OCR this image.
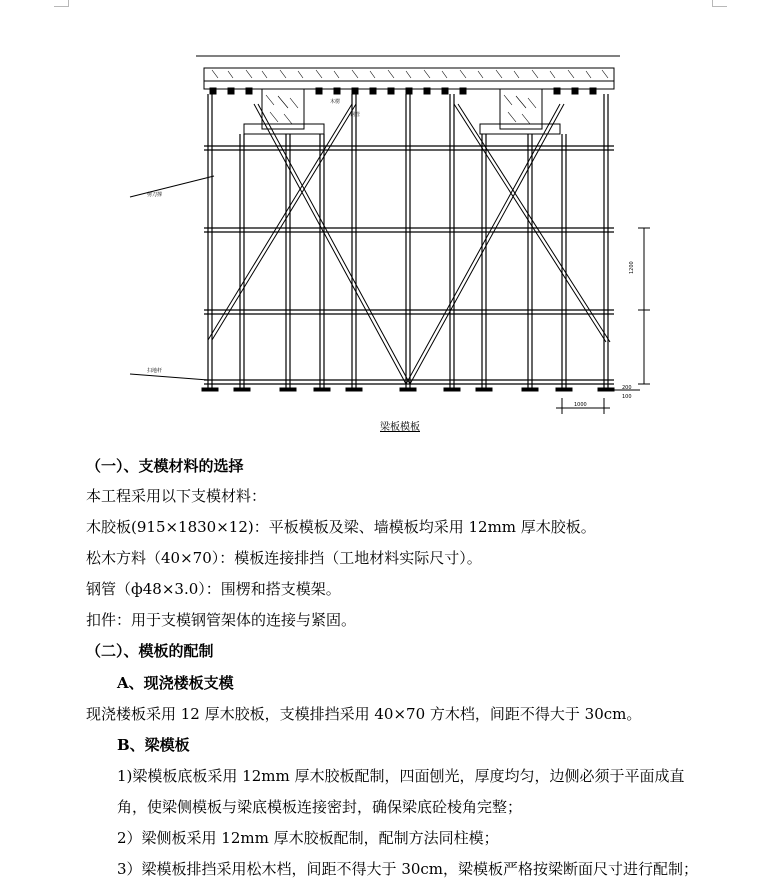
剪刀撑
扫地杆
木楞
钢管
1200
1000
200
100
梁板模板
（一）、支模材料的选择
本工程采用以下支模材料：
木胶板(915×1830×12)：平板模板及梁、墙模板均采用 12mm 厚木胶板。
松木方料（40×70）：模板连接排挡（工地材料实际尺寸）。
钢管（ф48×3.0）：围楞和搭支模架。
扣件：用于支模钢管架体的连接与紧固。
（二）、模板的配制
A、现浇楼板支模
现浇楼板采用 12 厚木胶板，支模排挡采用 40×70 方木档，间距不得大于 30cm。
B、梁模板
1)梁模板底板采用 12mm 厚木胶板配制，四面刨光，厚度均匀，边侧必须于平面成直
角，使梁侧模板与梁底模板连接密封，确保梁底砼棱角完整；
2）梁侧板采用 12mm 厚木胶板配制，配制方法同柱模；
3）梁模板排挡采用松木档，间距不得大于 30cm，梁模板严格按梁断面尺寸进行配制；
